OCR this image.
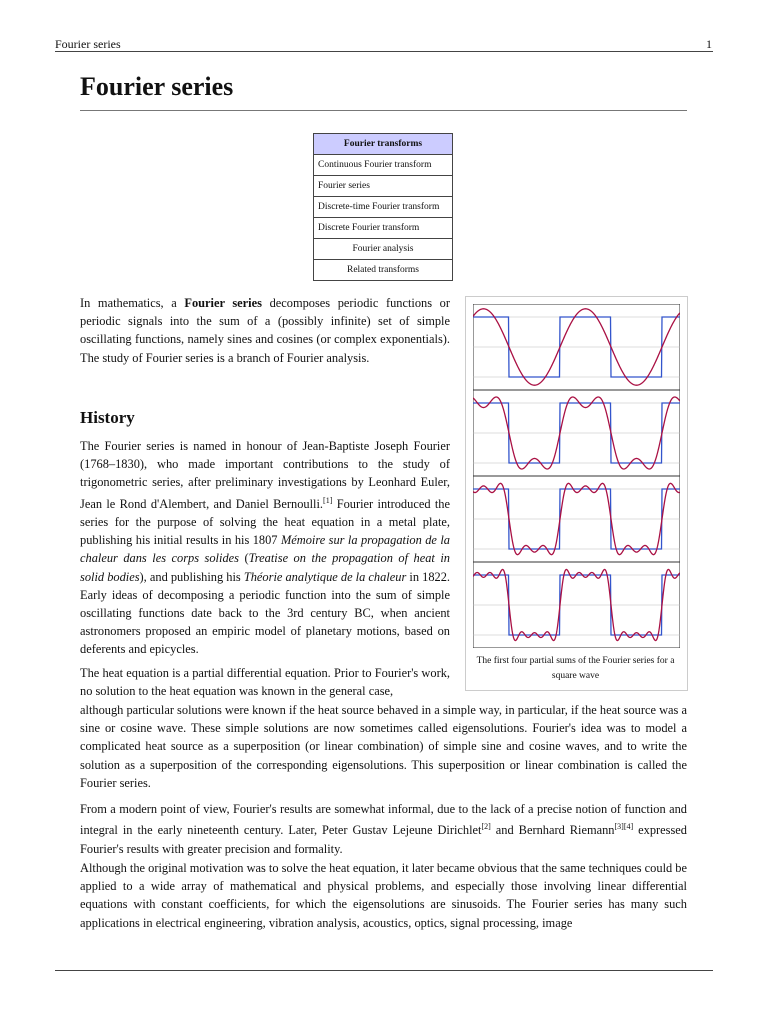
Fourier series	1
Fourier series
Fourier transforms
Continuous Fourier transform
Fourier series
Discrete-time Fourier transform
Discrete Fourier transform
Fourier analysis
Related transforms

In mathematics, a Fourier series decomposes periodic functions or periodic signals into the sum of a (possibly infinite) set of simple oscillating functions, namely sines and cosines (or complex exponentials). The study of Fourier series is a branch of Fourier analysis.

History

The Fourier series is named in honour of Jean-Baptiste Joseph Fourier (1768–1830), who made important contributions to the study of trigonometric series, after preliminary investigations by Leonhard Euler, Jean le Rond d'Alembert, and Daniel Bernoulli.[1] Fourier introduced the series for the purpose of solving the heat equation in a metal plate, publishing his initial results in his 1807 Mémoire sur la propagation de la chaleur dans les corps solides (Treatise on the propagation of heat in solid bodies), and publishing his Théorie analytique de la chaleur in 1822. Early ideas of decomposing a periodic function into the sum of simple oscillating functions date back to the 3rd century BC, when ancient astronomers proposed an empiric model of planetary motions, based on deferents and epicycles.

The heat equation is a partial differential equation. Prior to Fourier's work, no solution to the heat equation was known in the general case,

although particular solutions were known if the heat source behaved in a simple way, in particular, if the heat source was a sine or cosine wave. These simple solutions are now sometimes called eigensolutions. Fourier's idea was to model a complicated heat source as a superposition (or linear combination) of simple sine and cosine waves, and to write the solution as a superposition of the corresponding eigensolutions. This superposition or linear combination is called the Fourier series.

From a modern point of view, Fourier's results are somewhat informal, due to the lack of a precise notion of function and integral in the early nineteenth century. Later, Peter Gustav Lejeune Dirichlet[2] and Bernhard Riemann[3][4] expressed Fourier's results with greater precision and formality.

Although the original motivation was to solve the heat equation, it later became obvious that the same techniques could be applied to a wide array of mathematical and physical problems, and especially those involving linear differential equations with constant coefficients, for which the eigensolutions are sinusoids. The Fourier series has many such applications in electrical engineering, vibration analysis, acoustics, optics, signal processing, image

The first four partial sums of the Fourier series for a square wave
